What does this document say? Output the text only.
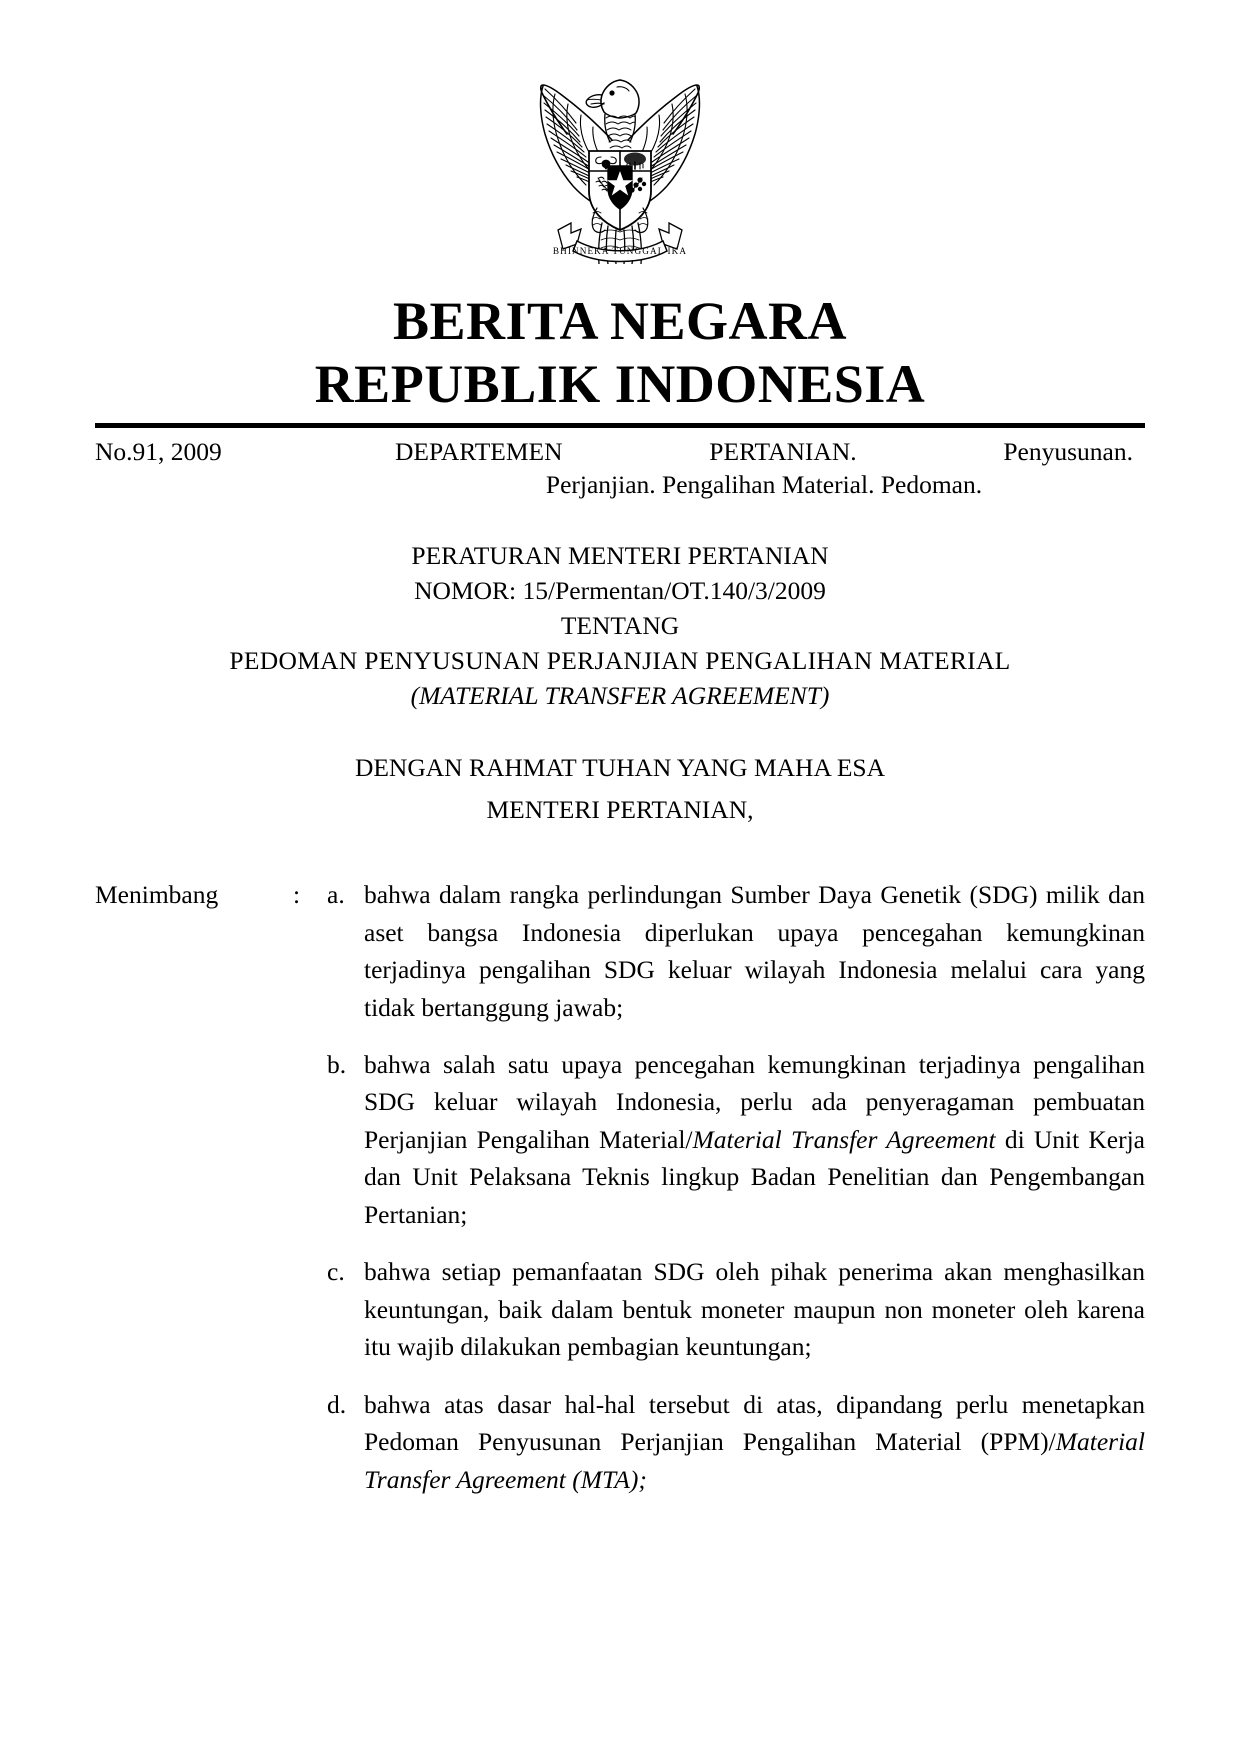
BHINNEKA TUNGGAL IKA
BERITA NEGARA
REPUBLIK INDONESIA
No.91, 2009	DEPARTEMEN PERTANIAN. Penyusunan.
Perjanjian. Pengalihan Material. Pedoman.
PERATURAN MENTERI PERTANIAN
NOMOR: 15/Permentan/OT.140/3/2009
TENTANG
PEDOMAN PENYUSUNAN PERJANJIAN PENGALIHAN MATERIAL
(MATERIAL TRANSFER AGREEMENT)
DENGAN RAHMAT TUHAN YANG MAHA ESA
MENTERI PERTANIAN,
Menimbang	:	a. bahwa dalam rangka perlindungan Sumber Daya Genetik (SDG) milik dan aset bangsa Indonesia diperlukan upaya pencegahan kemungkinan terjadinya pengalihan SDG keluar wilayah Indonesia melalui cara yang tidak bertanggung jawab;
b. bahwa salah satu upaya pencegahan kemungkinan terjadinya pengalihan SDG keluar wilayah Indonesia, perlu ada penyeragaman pembuatan Perjanjian Pengalihan Material/Material Transfer Agreement di Unit Kerja dan Unit Pelaksana Teknis lingkup Badan Penelitian dan Pengembangan Pertanian;
c. bahwa setiap pemanfaatan SDG oleh pihak penerima akan menghasilkan keuntungan, baik dalam bentuk moneter maupun non moneter oleh karena itu wajib dilakukan pembagian keuntungan;
d. bahwa atas dasar hal-hal tersebut di atas, dipandang perlu menetapkan Pedoman Penyusunan Perjanjian Pengalihan Material (PPM)/Material Transfer Agreement (MTA);
